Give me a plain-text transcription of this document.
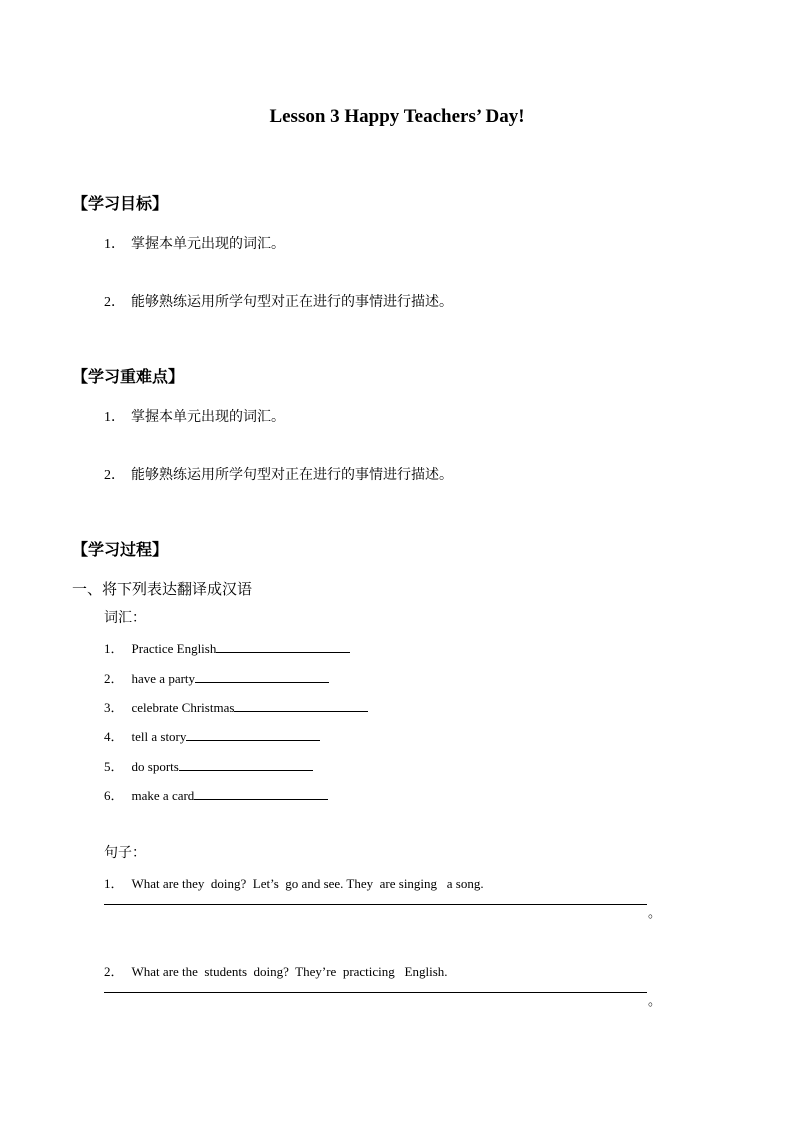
Lesson 3 Happy Teachers’ Day!
【学习目标】
1． 掌握本单元出现的词汇。
2． 能够熟练运用所学句型对正在进行的事情进行描述。
【学习重难点】
1． 掌握本单元出现的词汇。
2． 能够熟练运用所学句型对正在进行的事情进行描述。
【学习过程】
一、将下列表达翻译成汉语
词汇：
1． Practice English
2． have a party
3． celebrate Christmas
4． tell a story
5． do sports
6． make a card
句子：
1． What are they  doing?  Let’s  go and see. They  are singing   a song.
。
2． What are the  students  doing?  They’re  practicing   English.
。
